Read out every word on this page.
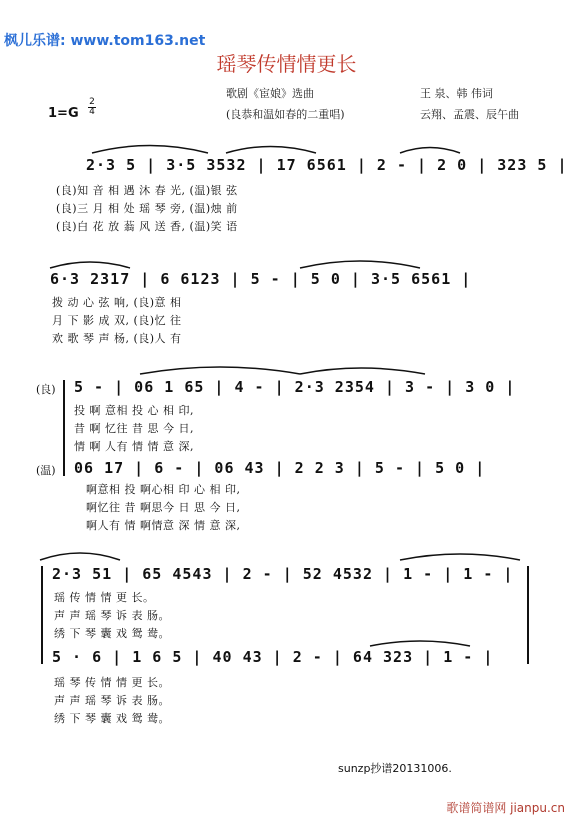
枫儿乐谱: www.tom163.net
瑶琴传情情更长
歌剧《宦娘》选曲	王 泉、韩 伟词
1=G
2
4	(良恭和温如春的二重唱)	云翔、孟震、辰午曲
2·3 5 | 3·5 3532 | 17 6561 | 2 - | 2 0 | 323 5 |
(良)知 音 相 遇 沐 春 光, (温)银 弦
(良)三 月 相 处 瑶 琴 旁, (温)烛 前
(良)白 花 放 蓊 风 送 香, (温)笑 语
6·3 2317 | 6 6123 | 5 - | 5 0 | 3·5 6561 |
拨 动 心 弦 响, (良)意 相
月 下 影 成 双, (良)忆 往
欢 歌 琴 声 杨, (良)人 有
(良) 5 - | 06 1 65 | 4 - | 2·3 2354 | 3 - | 3 0 |
投 啊 意相 投 心 相 印,
昔 啊 忆往 昔 思 今 日,
情 啊 人有 情 情 意 深,
(温) 06 17 | 6 - | 06 43 | 2 2 3 | 5 - | 5 0 |
啊意相 投 啊心相 印 心 相 印,
啊忆往 昔 啊思今 日 思 今 日,
啊人有 情 啊情意 深 情 意 深,
2·3 51 | 65 4543 | 2 - | 52 4532 | 1 - | 1 - |
瑶 传 情 情 更 长。
声 声 瑶 琴 诉 表 肠。
绣 下 琴 囊 戏 鸳 鸯。
5 · 6 | 1 6 5 | 40 43 | 2 - | 64 323 | 1 - |
瑶 琴 传 情 情 更 长。
声 声 瑶 琴 诉 表 肠。
绣 下 琴 囊 戏 鸳 鸯。
sunzp抄谱20131006.
歌谱简谱网 jianpu.cn
